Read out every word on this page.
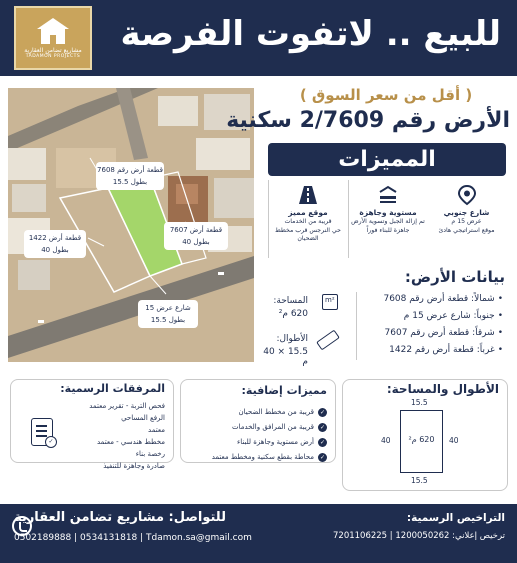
مشاريع تضامن العقارية
TADAMON PROJECTS
للبيع .. لاتفوت الفرصة
قطعة أرض رقم 7608
بطول 15.5
قطعة أرض 7607
بطول 40
قطعة أرض 1422
بطول 40
شارع عرض 15
بطول 15.5
( أقل من سعر السوق )
الأرض رقم 2/7609 سكنية
المميزات
شارع جنوبي
عرض 15 م
موقع استراتيجي هادئ
مستوية وجاهزة
تم إزالة الجبل وتسوية الأرض
جاهزة للبناء فوراً
موقع مميز
قريبة من الخدمات
حي النرجس قرب مخطط الضحيان
بيانات الأرض:
• شمالاً: قطعة أرض رقم 7608
• جنوباً: شارع عرض 15 م
• شرقاً: قطعة أرض رقم 7607
• غرباً: قطعة أرض رقم 1422
m²
المساحة:
620 م²
الأطوال:
15.5 × 40 م
المرفقات الرسمية:
فحص التربة - تقرير معتمد
الرفع المساحي
معتمد
مخطط هندسي - معتمد
رخصة بناء
صادرة وجاهزة للتنفيذ
✓
مميزات إضافية:
✓
قريبة من مخطط الضحيان
✓
قريبة من المرافق والخدمات
✓
أرض مستوية وجاهزة للبناء
✓
محاطة بقطع سكنية ومخطط معتمد
الأطوال والمساحة:
15.5
40	40
620 م²
15.5
للتواصل: مشاريع تضامن العقارية
0502189888 | 0534131818 | Tdamon.sa@gmail.com
التراخيص الرسمية:
ترخيص إعلاني: 1200050262 | 7201106225
